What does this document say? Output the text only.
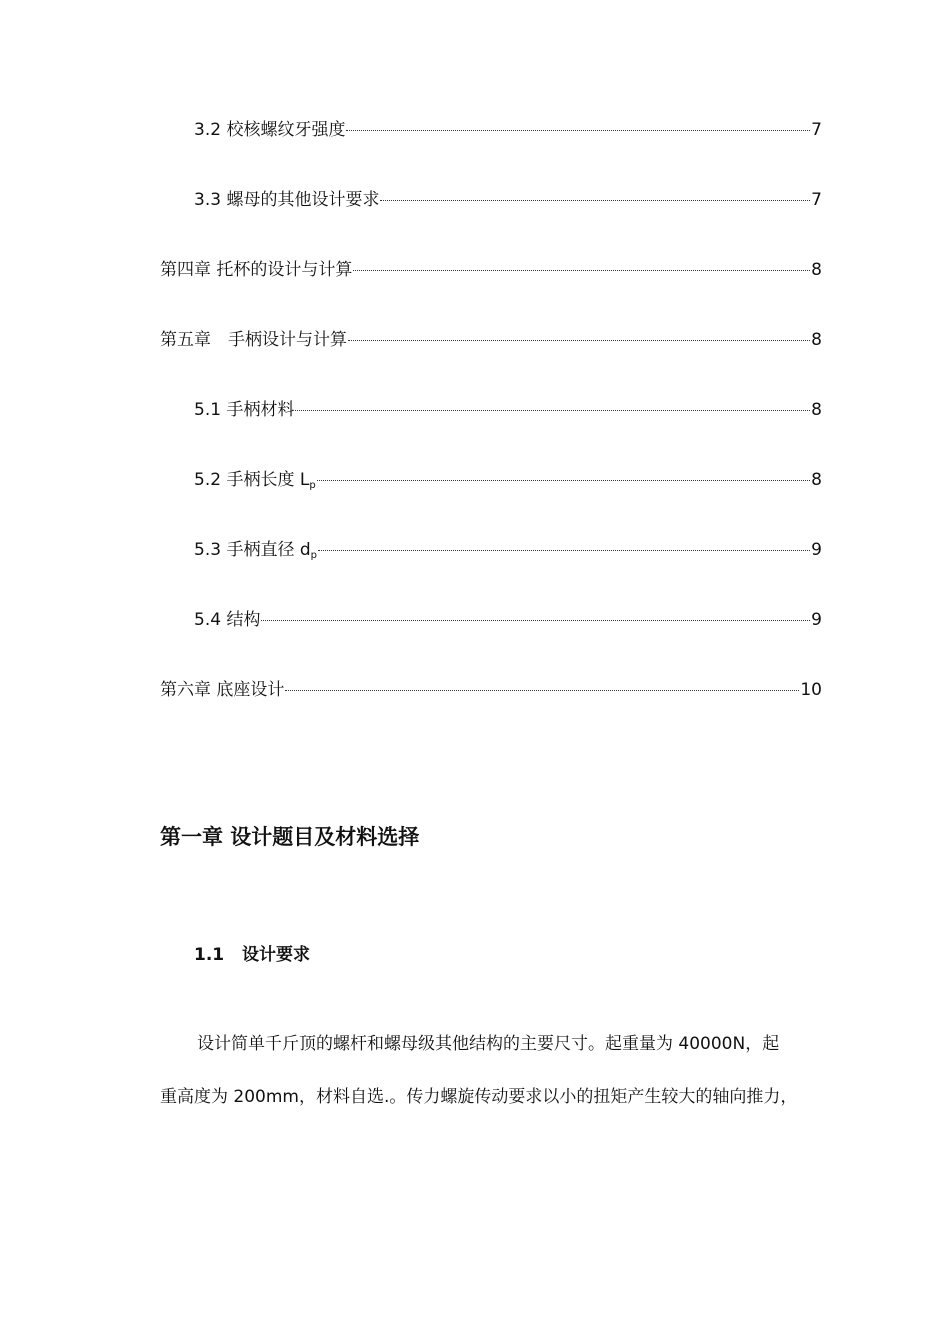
3.2 校核螺纹牙强度	7
3.3 螺母的其他设计要求	7
第四章 托杯的设计与计算	8
第五章　手柄设计与计算	8
5.1 手柄材料	8
5.2 手柄长度 $L_p$	8
5.3 手柄直径 $d_p$	9
5.4 结构	9
第六章 底座设计	10
第一章 设计题目及材料选择
1.1 设计要求
设计简单千斤顶的螺杆和螺母级其他结构的主要尺寸。起重量为 40000N，起
重高度为 200mm，材料自选.。传力螺旋传动要求以小的扭矩产生较大的轴向推力，
